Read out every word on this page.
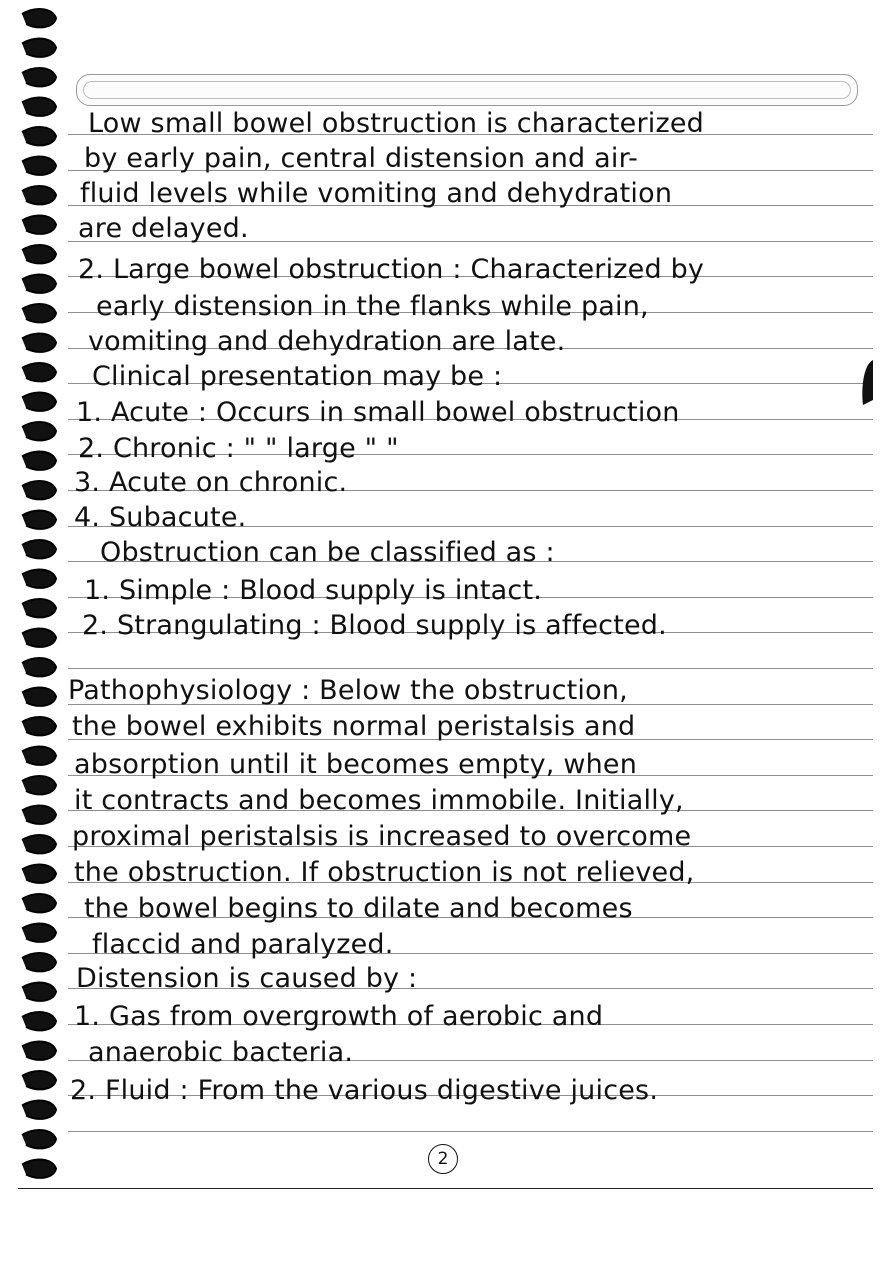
Low small bowel obstruction is characterized
by early pain, central distension and air-
fluid levels while vomiting and dehydration
are delayed.
2. Large bowel obstruction : Characterized by
early distension in the flanks while pain,
vomiting and dehydration are late.
Clinical presentation may be :
1. Acute : Occurs in small bowel obstruction
2. Chronic : " " large " "
3. Acute on chronic.
4. Subacute.
Obstruction can be classified as :
1. Simple : Blood supply is intact.
2. Strangulating : Blood supply is affected.
Pathophysiology : Below the obstruction,
the bowel exhibits normal peristalsis and
absorption until it becomes empty, when
it contracts and becomes immobile. Initially,
proximal peristalsis is increased to overcome
the obstruction. If obstruction is not relieved,
the bowel begins to dilate and becomes
flaccid and paralyzed.
Distension is caused by :
1. Gas from overgrowth of aerobic and
anaerobic bacteria.
2. Fluid : From the various digestive juices.
2
